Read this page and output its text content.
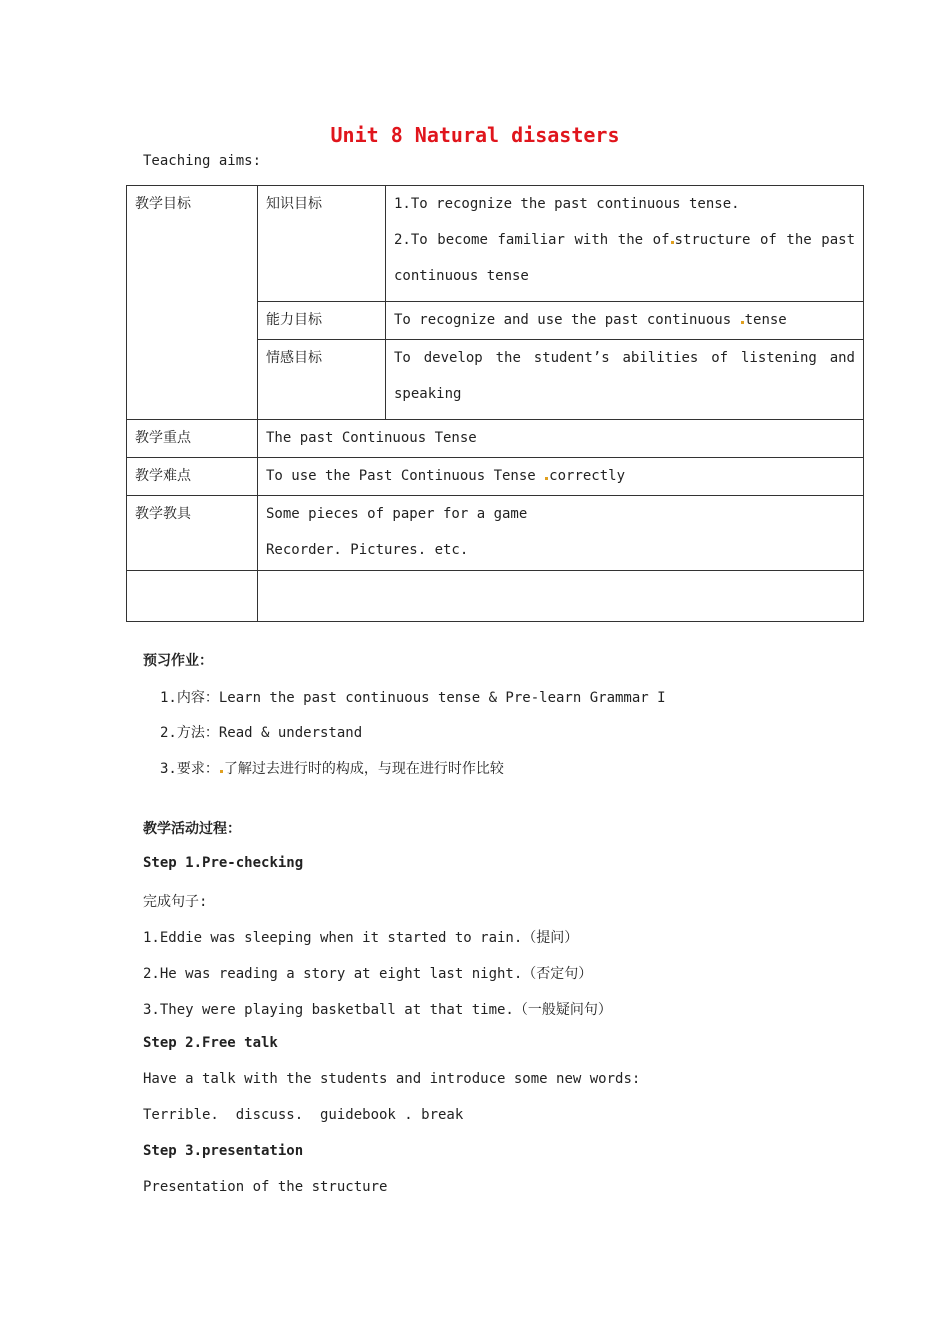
Unit 8 Natural disasters
Teaching aims:
教学目标	知识目标	1.To recognize the past continuous tense.
2.To become familiar with the of structure of the past
continuous tense

	能力目标	To recognize and use the past continuous tense

	情感目标	To develop the student’s abilities of listening and
speaking

教学重点	The past Continuous Tense	

教学难点	To use the Past Continuous Tense correctly	

教学教具	Some pieces of paper for a game
Recorder. Pictures. etc.	

预习作业：
1.内容：Learn the past continuous tense & Pre-learn Grammar I
2.方法：Read & understand
3.要求： 了解过去进行时的构成，与现在进行时作比较
教学活动过程：
Step 1.Pre-checking
完成句子:
1.Eddie was sleeping when it started to rain.（提问）
2.He was reading a story at eight last night.（否定句）
3.They were playing basketball at that time.（一般疑问句）
Step 2.Free talk
Have a talk with the students and introduce some new words:
Terrible.  discuss.  guidebook . break
Step 3.presentation
Presentation of the structure
